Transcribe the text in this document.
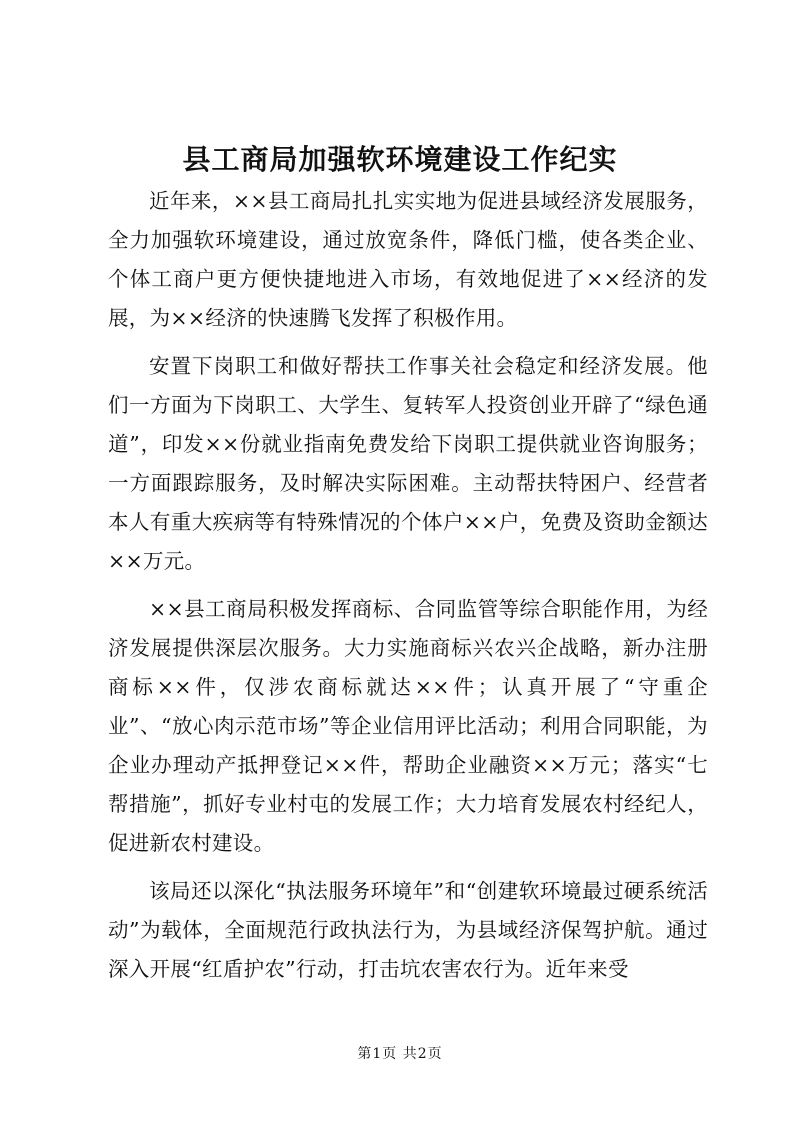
县工商局加强软环境建设工作纪实

近年来，××县工商局扎扎实实地为促进县域经济发展服务，全力加强软环境建设，通过放宽条件，降低门槛，使各类企业、个体工商户更方便快捷地进入市场，有效地促进了××经济的发展，为××经济的快速腾飞发挥了积极作用。

安置下岗职工和做好帮扶工作事关社会稳定和经济发展。他们一方面为下岗职工、大学生、复转军人投资创业开辟了“绿色通道”，印发××份就业指南免费发给下岗职工提供就业咨询服务；一方面跟踪服务，及时解决实际困难。主动帮扶特困户、经营者本人有重大疾病等有特殊情况的个体户××户，免费及资助金额达××万元。

××县工商局积极发挥商标、合同监管等综合职能作用，为经济发展提供深层次服务。大力实施商标兴农兴企战略，新办注册商标××件，仅涉农商标就达××件；认真开展了“守重企业”、“放心肉示范市场”等企业信用评比活动；利用合同职能，为企业办理动产抵押登记××件，帮助企业融资××万元；落实“七帮措施”，抓好专业村屯的发展工作；大力培育发展农村经纪人，促进新农村建设。

该局还以深化“执法服务环境年”和“创建软环境最过硬系统活动”为载体，全面规范行政执法行为，为县域经济保驾护航。通过深入开展“红盾护农”行动，打击坑农害农行为。近年来受

第1页 共2页
